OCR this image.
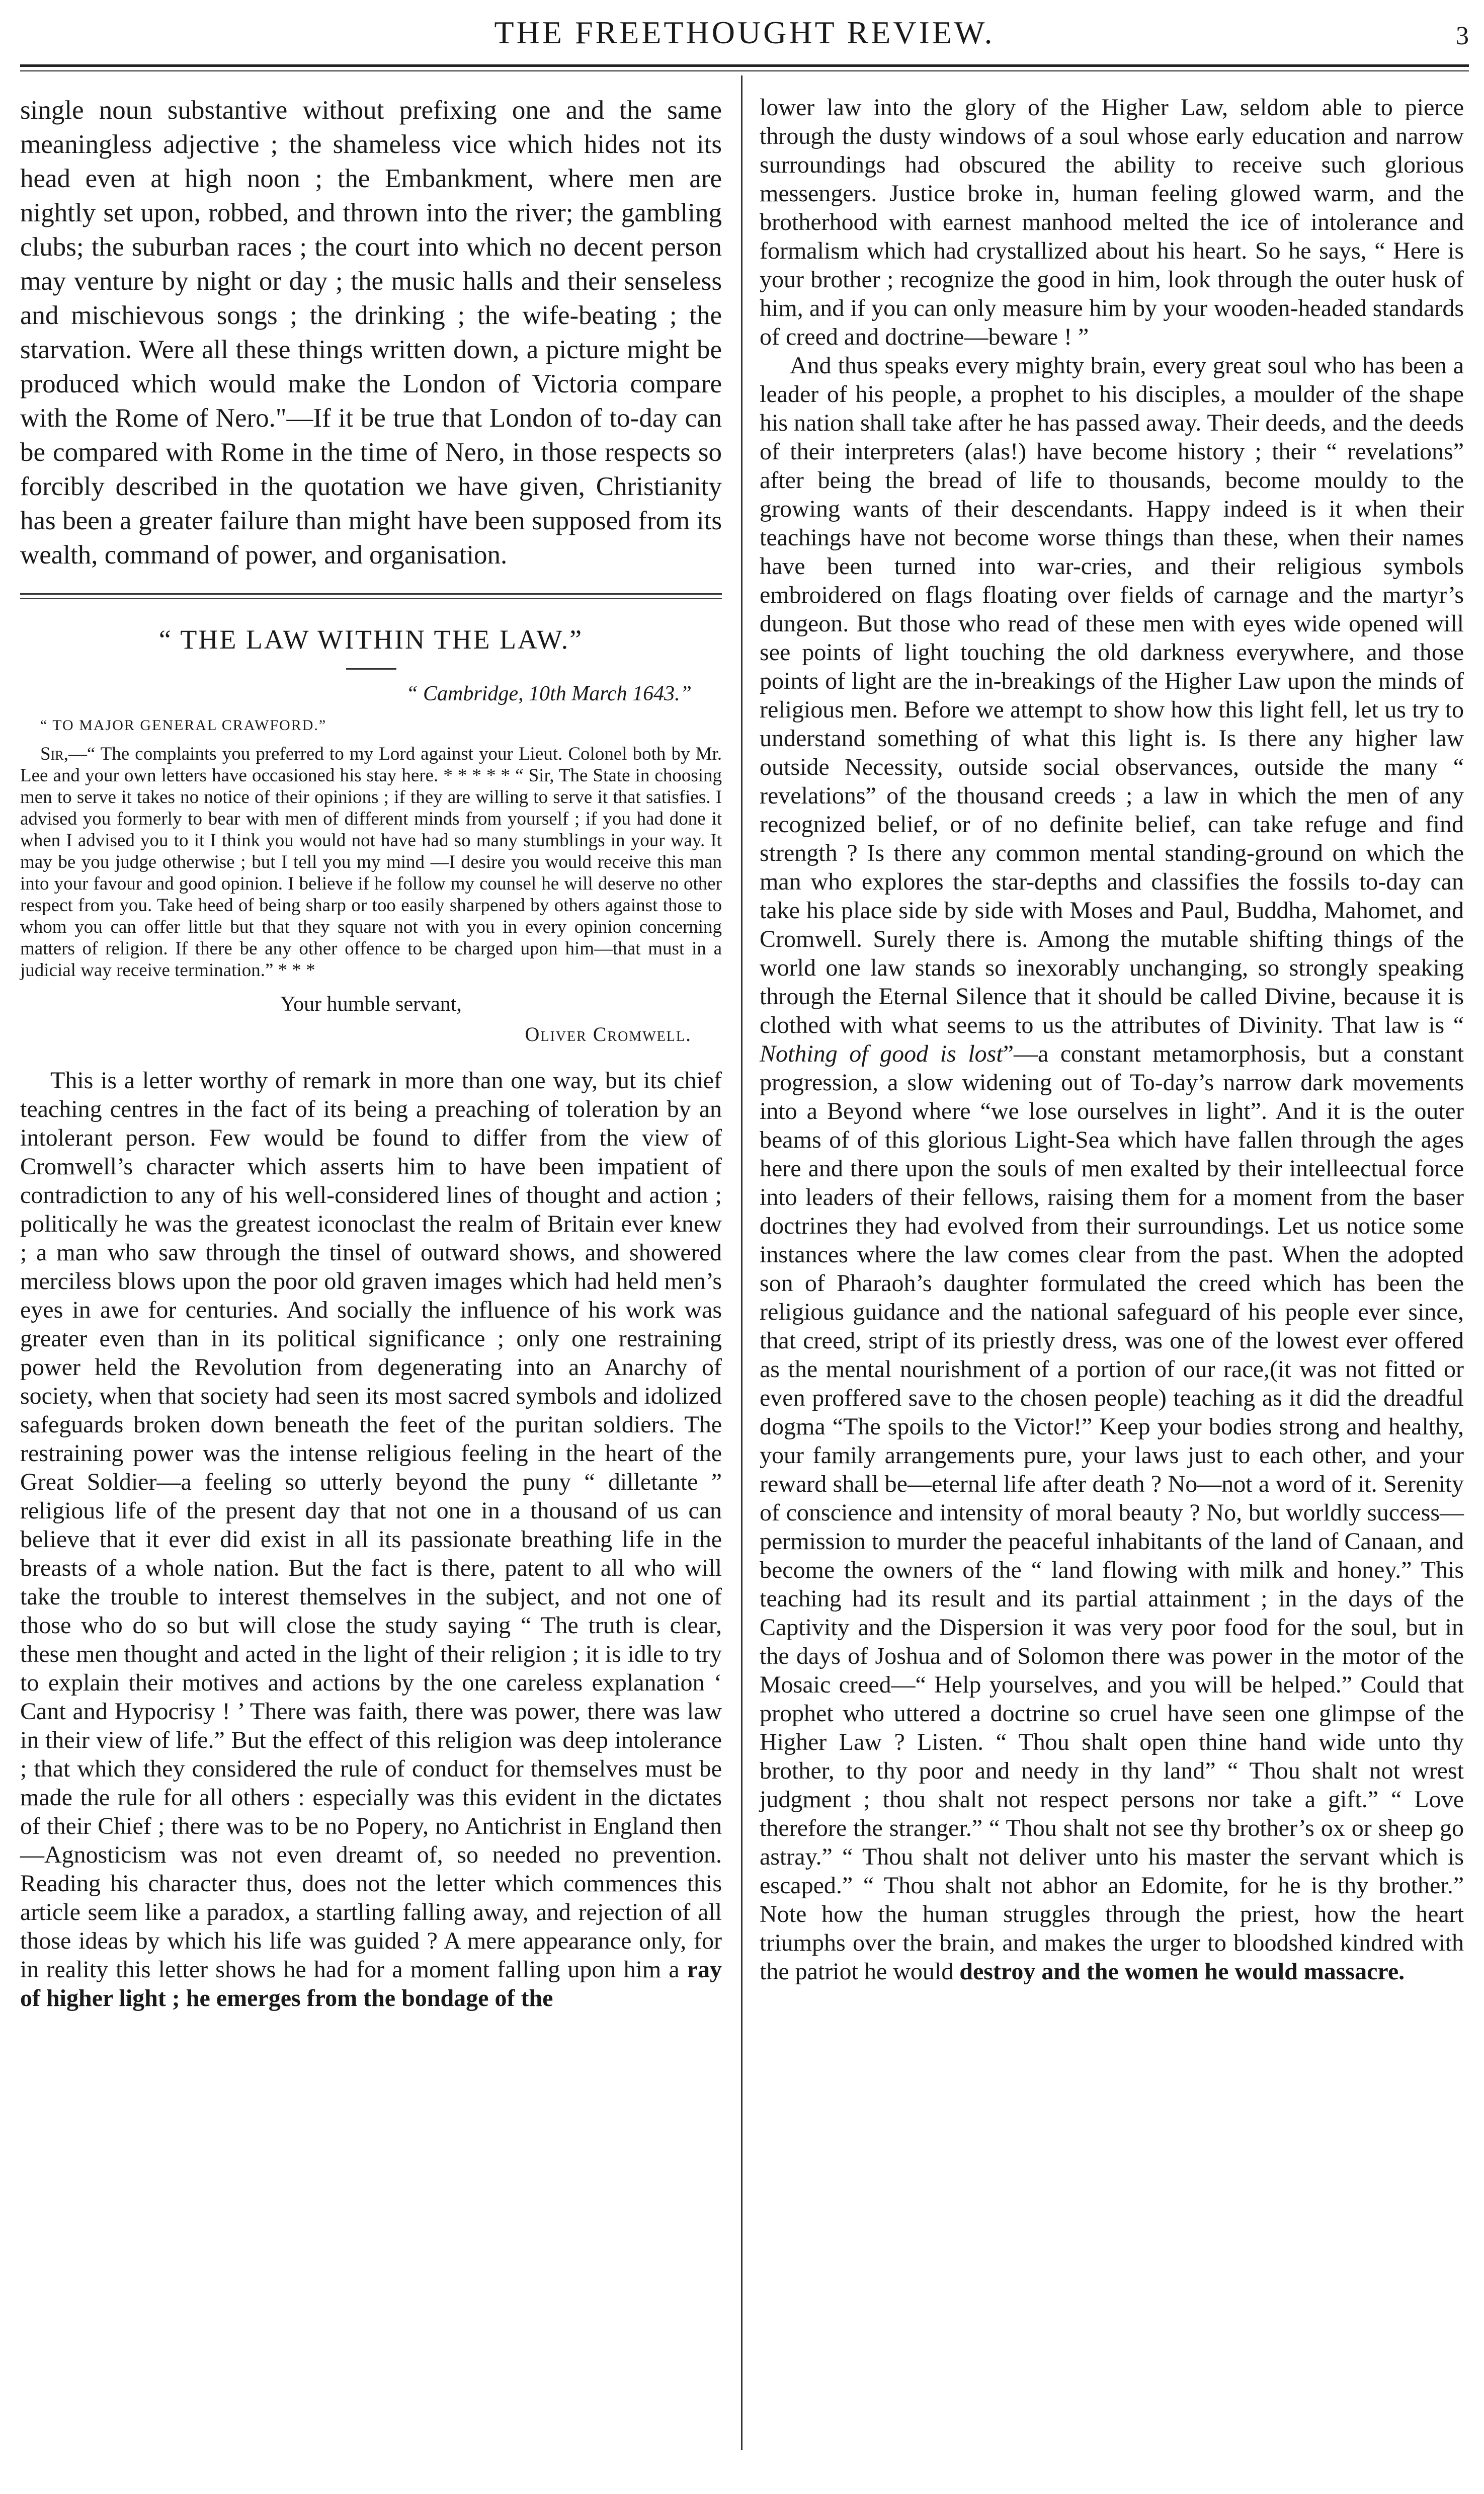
THE FREETHOUGHT REVIEW.	3

single noun substantive without prefixing one and the same meaningless adjective ; the shameless vice which hides not its head even at high noon ; the Embankment, where men are nightly set upon, robbed, and thrown into the river; the gambling clubs; the suburban races ; the court into which no decent person may venture by night or day ; the music halls and their senseless and mischievous songs ; the drinking ; the wife-beating ; the starvation. Were all these things written down, a picture might be produced which would make the London of Victoria compare with the Rome of Nero."—If it be true that London of to-day can be compared with Rome in the time of Nero, in those respects so forcibly described in the quotation we have given, Christianity has been a greater failure than might have been supposed from its wealth, command of power, and organisation.

“ THE LAW WITHIN THE LAW.”

“ Cambridge, 10th March 1643.”

“ TO MAJOR GENERAL CRAWFORD.”

Sir,—“ The complaints you preferred to my Lord against your Lieut. Colonel both by Mr. Lee and your own letters have occasioned his stay here. * * * * * “ Sir, The State in choosing men to serve it takes no notice of their opinions ; if they are willing to serve it that satisfies. I advised you formerly to bear with men of different minds from yourself ; if you had done it when I advised you to it I think you would not have had so many stumblings in your way. It may be you judge otherwise ; but I tell you my mind —I desire you would receive this man into your favour and good opinion. I believe if he follow my counsel he will deserve no other respect from you. Take heed of being sharp or too easily sharpened by others against those to whom you can offer little but that they square not with you in every opinion concerning matters of religion. If there be any other offence to be charged upon him—that must in a judicial way receive termination.” * * *

Your humble servant,

Oliver Cromwell.

This is a letter worthy of remark in more than one way, but its chief teaching centres in the fact of its being a preaching of toleration by an intolerant person. Few would be found to differ from the view of Cromwell’s character which asserts him to have been impatient of contradiction to any of his well-considered lines of thought and action ; politically he was the greatest iconoclast the realm of Britain ever knew ; a man who saw through the tinsel of outward shows, and showered merciless blows upon the poor old graven images which had held men’s eyes in awe for centuries. And socially the influence of his work was greater even than in its political significance ; only one restraining power held the Revolution from degenerating into an Anarchy of society, when that society had seen its most sacred symbols and idolized safeguards broken down beneath the feet of the puritan soldiers. The restraining power was the intense religious feeling in the heart of the Great Soldier—a feeling so utterly beyond the puny “ dilletante ” religious life of the present day that not one in a thousand of us can believe that it ever did exist in all its passionate breathing life in the breasts of a whole nation. But the fact is there, patent to all who will take the trouble to interest themselves in the subject, and not one of those who do so but will close the study saying “ The truth is clear, these men thought and acted in the light of their religion ; it is idle to try to explain their motives and actions by the one careless explanation ‘ Cant and Hypocrisy ! ’ There was faith, there was power, there was law in their view of life.” But the effect of this religion was deep intolerance ; that which they considered the rule of conduct for themselves must be made the rule for all others : especially was this evident in the dictates of their Chief ; there was to be no Popery, no Antichrist in England then—Agnosticism was not even dreamt of, so needed no prevention. Reading his character thus, does not the letter which commences this article seem like a paradox, a startling falling away, and rejection of all those ideas by which his life was guided ? A mere appearance only, for in reality this letter shows he had for a moment falling upon him a ray of higher light ; he emerges from the bondage of the

lower law into the glory of the Higher Law, seldom able to pierce through the dusty windows of a soul whose early education and narrow surroundings had obscured the ability to receive such glorious messengers. Justice broke in, human feeling glowed warm, and the brotherhood with earnest manhood melted the ice of intolerance and formalism which had crystallized about his heart. So he says, “ Here is your brother ; recognize the good in him, look through the outer husk of him, and if you can only measure him by your wooden-headed standards of creed and doctrine—beware ! ”

And thus speaks every mighty brain, every great soul who has been a leader of his people, a prophet to his disciples, a moulder of the shape his nation shall take after he has passed away. Their deeds, and the deeds of their interpreters (alas!) have become history ; their “ revelations” after being the bread of life to thousands, become mouldy to the growing wants of their descendants. Happy indeed is it when their teachings have not become worse things than these, when their names have been turned into war-cries, and their religious symbols embroidered on flags floating over fields of carnage and the martyr’s dungeon. But those who read of these men with eyes wide opened will see points of light touching the old darkness everywhere, and those points of light are the in-breakings of the Higher Law upon the minds of religious men. Before we attempt to show how this light fell, let us try to understand something of what this light is. Is there any higher law outside Necessity, outside social observances, outside the many “ revelations” of the thousand creeds ; a law in which the men of any recognized belief, or of no definite belief, can take refuge and find strength ? Is there any common mental standing-ground on which the man who explores the star-depths and classifies the fossils to-day can take his place side by side with Moses and Paul, Buddha, Mahomet, and Cromwell. Surely there is. Among the mutable shifting things of the world one law stands so inexorably unchanging, so strongly speaking through the Eternal Silence that it should be called Divine, because it is clothed with what seems to us the attributes of Divinity. That law is “ Nothing of good is lost”—a constant metamorphosis, but a constant progression, a slow widening out of To-day’s narrow dark movements into a Beyond where “we lose ourselves in light”. And it is the outer beams of of this glorious Light-Sea which have fallen through the ages here and there upon the souls of men exalted by their intelleectual force into leaders of their fellows, raising them for a moment from the baser doctrines they had evolved from their surroundings. Let us notice some instances where the law comes clear from the past. When the adopted son of Pharaoh’s daughter formulated the creed which has been the religious guidance and the national safeguard of his people ever since, that creed, stript of its priestly dress, was one of the lowest ever offered as the mental nourishment of a portion of our race,(it was not fitted or even proffered save to the chosen people) teaching as it did the dreadful dogma “The spoils to the Victor!” Keep your bodies strong and healthy, your family arrangements pure, your laws just to each other, and your reward shall be—eternal life after death ? No—not a word of it. Serenity of conscience and intensity of moral beauty ? No, but worldly success—permission to murder the peaceful inhabitants of the land of Canaan, and become the owners of the “ land flowing with milk and honey.” This teaching had its result and its partial attainment ; in the days of the Captivity and the Dispersion it was very poor food for the soul, but in the days of Joshua and of Solomon there was power in the motor of the Mosaic creed—“ Help yourselves, and you will be helped.” Could that prophet who uttered a doctrine so cruel have seen one glimpse of the Higher Law ? Listen. “ Thou shalt open thine hand wide unto thy brother, to thy poor and needy in thy land” “ Thou shalt not wrest judgment ; thou shalt not respect persons nor take a gift.” “ Love therefore the stranger.” “ Thou shalt not see thy brother’s ox or sheep go astray.” “ Thou shalt not deliver unto his master the servant which is escaped.” “ Thou shalt not abhor an Edomite, for he is thy brother.” Note how the human struggles through the priest, how the heart triumphs over the brain, and makes the urger to bloodshed kindred with the patriot he would destroy and the women he would massacre.
